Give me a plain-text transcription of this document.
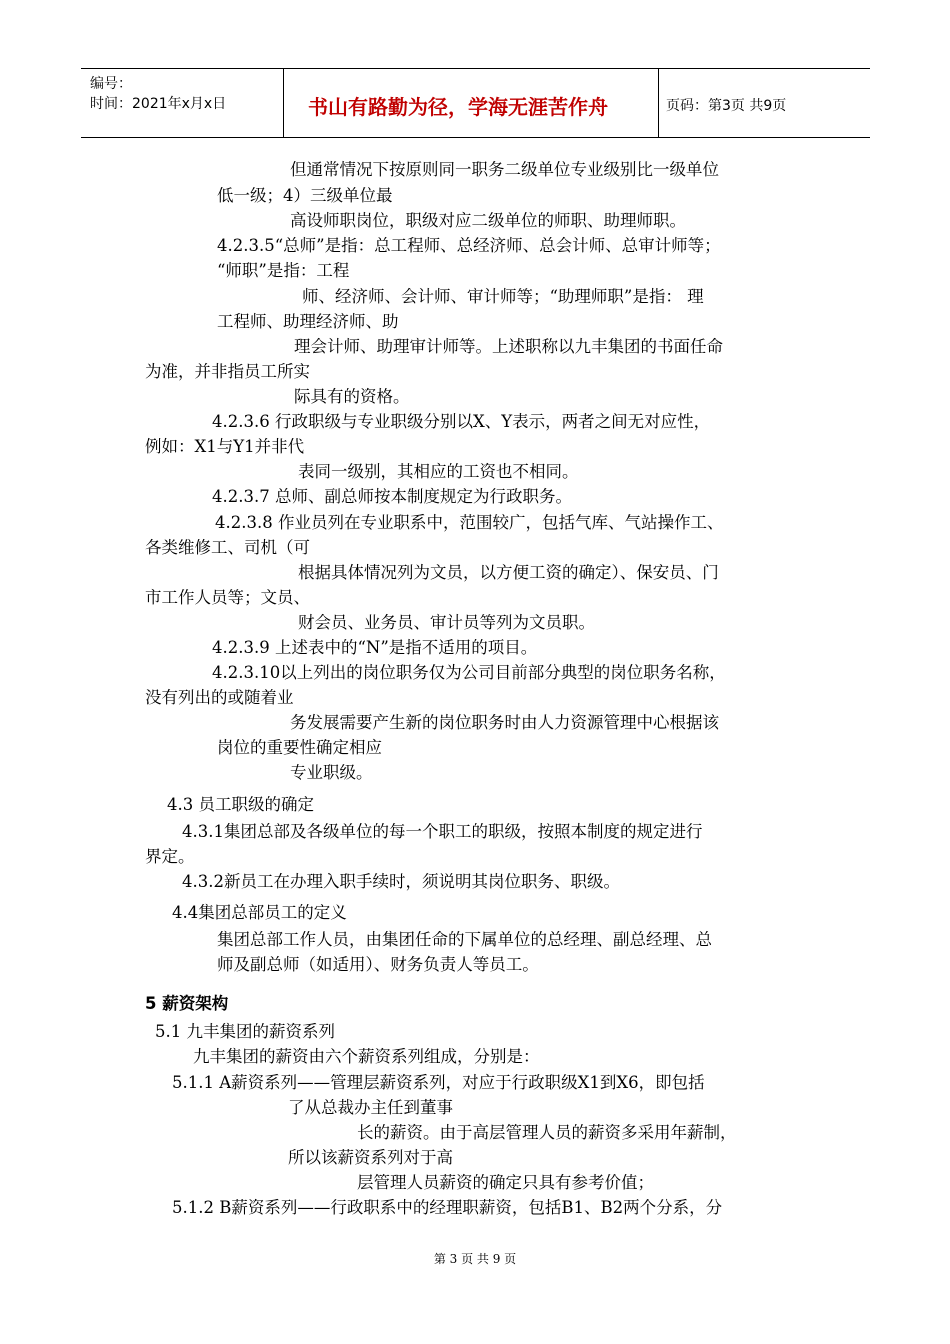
编号：
时间：2021年x月x日	书山有路勤为径，学海无涯苦作舟	页码：第3页 共9页
但通常情况下按原则同一职务二级单位专业级别比一级单位
低一级；4）三级单位最
高设师职岗位，职级对应二级单位的师职、助理师职。
4.2.3.5“总师”是指：总工程师、总经济师、总会计师、总审计师等；
“师职”是指：工程
师、经济师、会计师、审计师等；“助理师职”是指： 理
工程师、助理经济师、助
理会计师、助理审计师等。上述职称以九丰集团的书面任命
为准，并非指员工所实
际具有的资格。
4.2.3.6 行政职级与专业职级分别以X、Y表示，两者之间无对应性，
例如：X1与Y1并非代
表同一级别，其相应的工资也不相同。
4.2.3.7 总师、副总师按本制度规定为行政职务。
4.2.3.8 作业员列在专业职系中，范围较广，包括气库、气站操作工、
各类维修工、司机（可
根据具体情况列为文员，以方便工资的确定）、保安员、门
市工作人员等；文员、
财会员、业务员、审计员等列为文员职。
4.2.3.9 上述表中的“N”是指不适用的项目。
4.2.3.10以上列出的岗位职务仅为公司目前部分典型的岗位职务名称，
没有列出的或随着业
务发展需要产生新的岗位职务时由人力资源管理中心根据该
岗位的重要性确定相应
专业职级。
4.3 员工职级的确定
4.3.1集团总部及各级单位的每一个职工的职级，按照本制度的规定进行
界定。
4.3.2新员工在办理入职手续时，须说明其岗位职务、职级。
4.4集团总部员工的定义
集团总部工作人员，由集团任命的下属单位的总经理、副总经理、总
师及副总师（如适用）、财务负责人等员工。
5 薪资架构
5.1 九丰集团的薪资系列
九丰集团的薪资由六个薪资系列组成，分别是：
5.1.1 A薪资系列——管理层薪资系列，对应于行政职级X1到X6，即包括
了从总裁办主任到董事
长的薪资。由于高层管理人员的薪资多采用年薪制，
所以该薪资系列对于高
层管理人员薪资的确定只具有参考价值；
5.1.2 B薪资系列——行政职系中的经理职薪资，包括B1、B2两个分系，分
第 3 页 共 9 页
